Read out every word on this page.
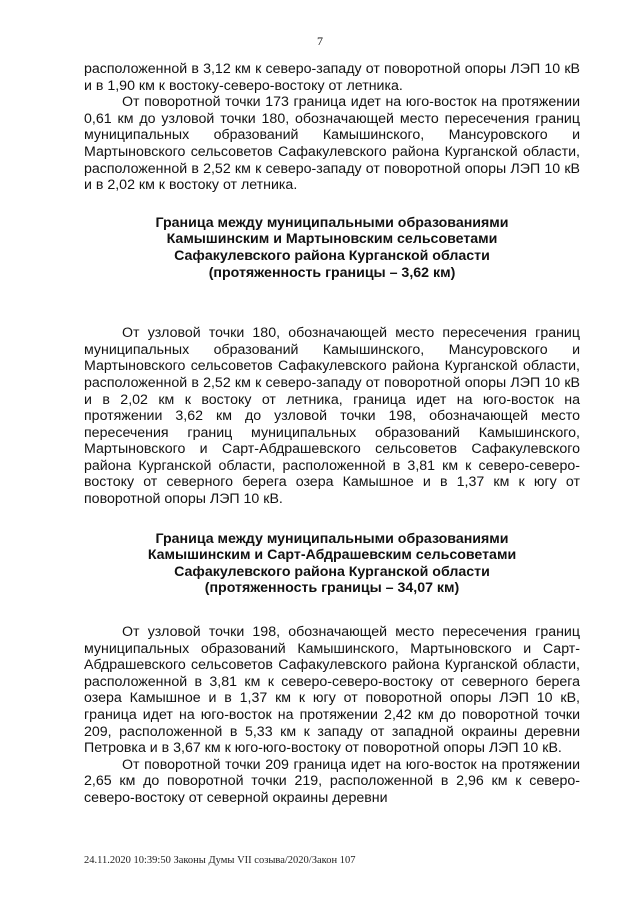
7

расположенной в 3,12 км к северо-западу от поворотной опоры ЛЭП 10 кВ и в 1,90 км к востоку-северо-востоку от летника.

От поворотной точки 173 граница идет на юго-восток на протяжении 0,61 км до узловой точки 180, обозначающей место пересечения границ муниципальных образований Камышинского, Мансуровского и Мартыновского сельсоветов Сафакулевского района Курганской области, расположенной в 2,52 км к северо-западу от поворотной опоры ЛЭП 10 кВ и в 2,02 км к востоку от летника.

Граница между муниципальными образованиями
Камышинским и Мартыновским сельсоветами
Сафакулевского района Курганской области
(протяженность границы – 3,62 км)

От узловой точки 180, обозначающей место пересечения границ муниципальных образований Камышинского, Мансуровского и Мартыновского сельсоветов Сафакулевского района Курганской области, расположенной в 2,52 км к северо-западу от поворотной опоры ЛЭП 10 кВ и в 2,02 км к востоку от летника, граница идет на юго-восток на протяжении 3,62 км до узловой точки 198, обозначающей место пересечения границ муниципальных образований Камышинского, Мартыновского и Сарт-Абдрашевского сельсоветов Сафакулевского района Курганской области, расположенной в 3,81 км к северо-северо-востоку от северного берега озера Камышное и в 1,37 км к югу от поворотной опоры ЛЭП 10 кВ.

Граница между муниципальными образованиями
Камышинским и Сарт-Абдрашевским сельсоветами
Сафакулевского района Курганской области
(протяженность границы – 34,07 км)

От узловой точки 198, обозначающей место пересечения границ муниципальных образований Камышинского, Мартыновского и Сарт-Абдрашевского сельсоветов Сафакулевского района Курганской области, расположенной в 3,81 км к северо-северо-востоку от северного берега озера Камышное и в 1,37 км к югу от поворотной опоры ЛЭП 10 кВ, граница идет на юго-восток на протяжении 2,42 км до поворотной точки 209, расположенной в 5,33 км к западу от западной окраины деревни Петровка и в 3,67 км к юго-юго-востоку от поворотной опоры ЛЭП 10 кВ.

От поворотной точки 209 граница идет на юго-восток на протяжении 2,65 км до поворотной точки 219, расположенной в 2,96 км к северо-северо-востоку от северной окраины деревни

24.11.2020 10:39:50 Законы Думы VII созыва/2020/Закон 107
